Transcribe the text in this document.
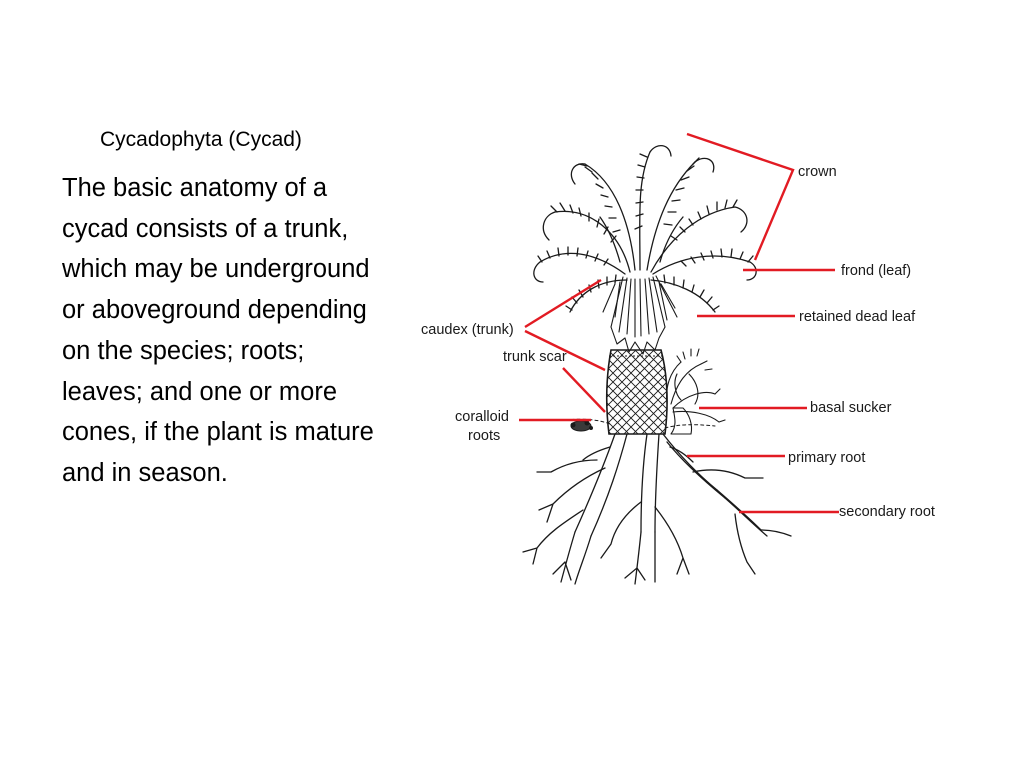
Cycadophyta (Cycad)
The basic anatomy of a cycad consists of a trunk, which may be underground or aboveground depending on the species; roots; leaves; and one or more cones, if the plant is mature and in season.
crown
frond (leaf)
retained dead leaf
caudex (trunk)
trunk scar
coralloid
roots
basal sucker
primary root
secondary root
